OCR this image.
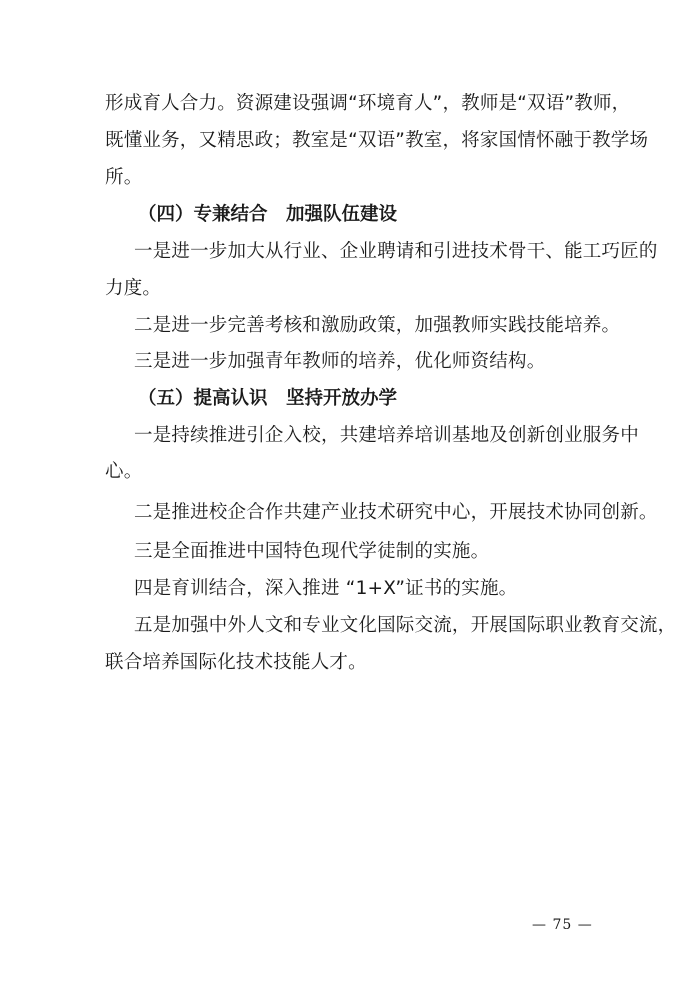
形成育人合力。资源建设强调“环境育人”，教师是“双语”教师，
既懂业务，又精思政；教室是“双语”教室，将家国情怀融于教学场
所。
（四）专兼结合　加强队伍建设
一是进一步加大从行业、企业聘请和引进技术骨干、能工巧匠的
力度。
二是进一步完善考核和激励政策，加强教师实践技能培养。
三是进一步加强青年教师的培养，优化师资结构。
（五）提高认识　坚持开放办学
一是持续推进引企入校，共建培养培训基地及创新创业服务中
心。
二是推进校企合作共建产业技术研究中心，开展技术协同创新。
三是全面推进中国特色现代学徒制的实施。
四是育训结合，深入推进 “1+X”证书的实施。
五是加强中外人文和专业文化国际交流，开展国际职业教育交流，
联合培养国际化技术技能人才。
— 75 —
